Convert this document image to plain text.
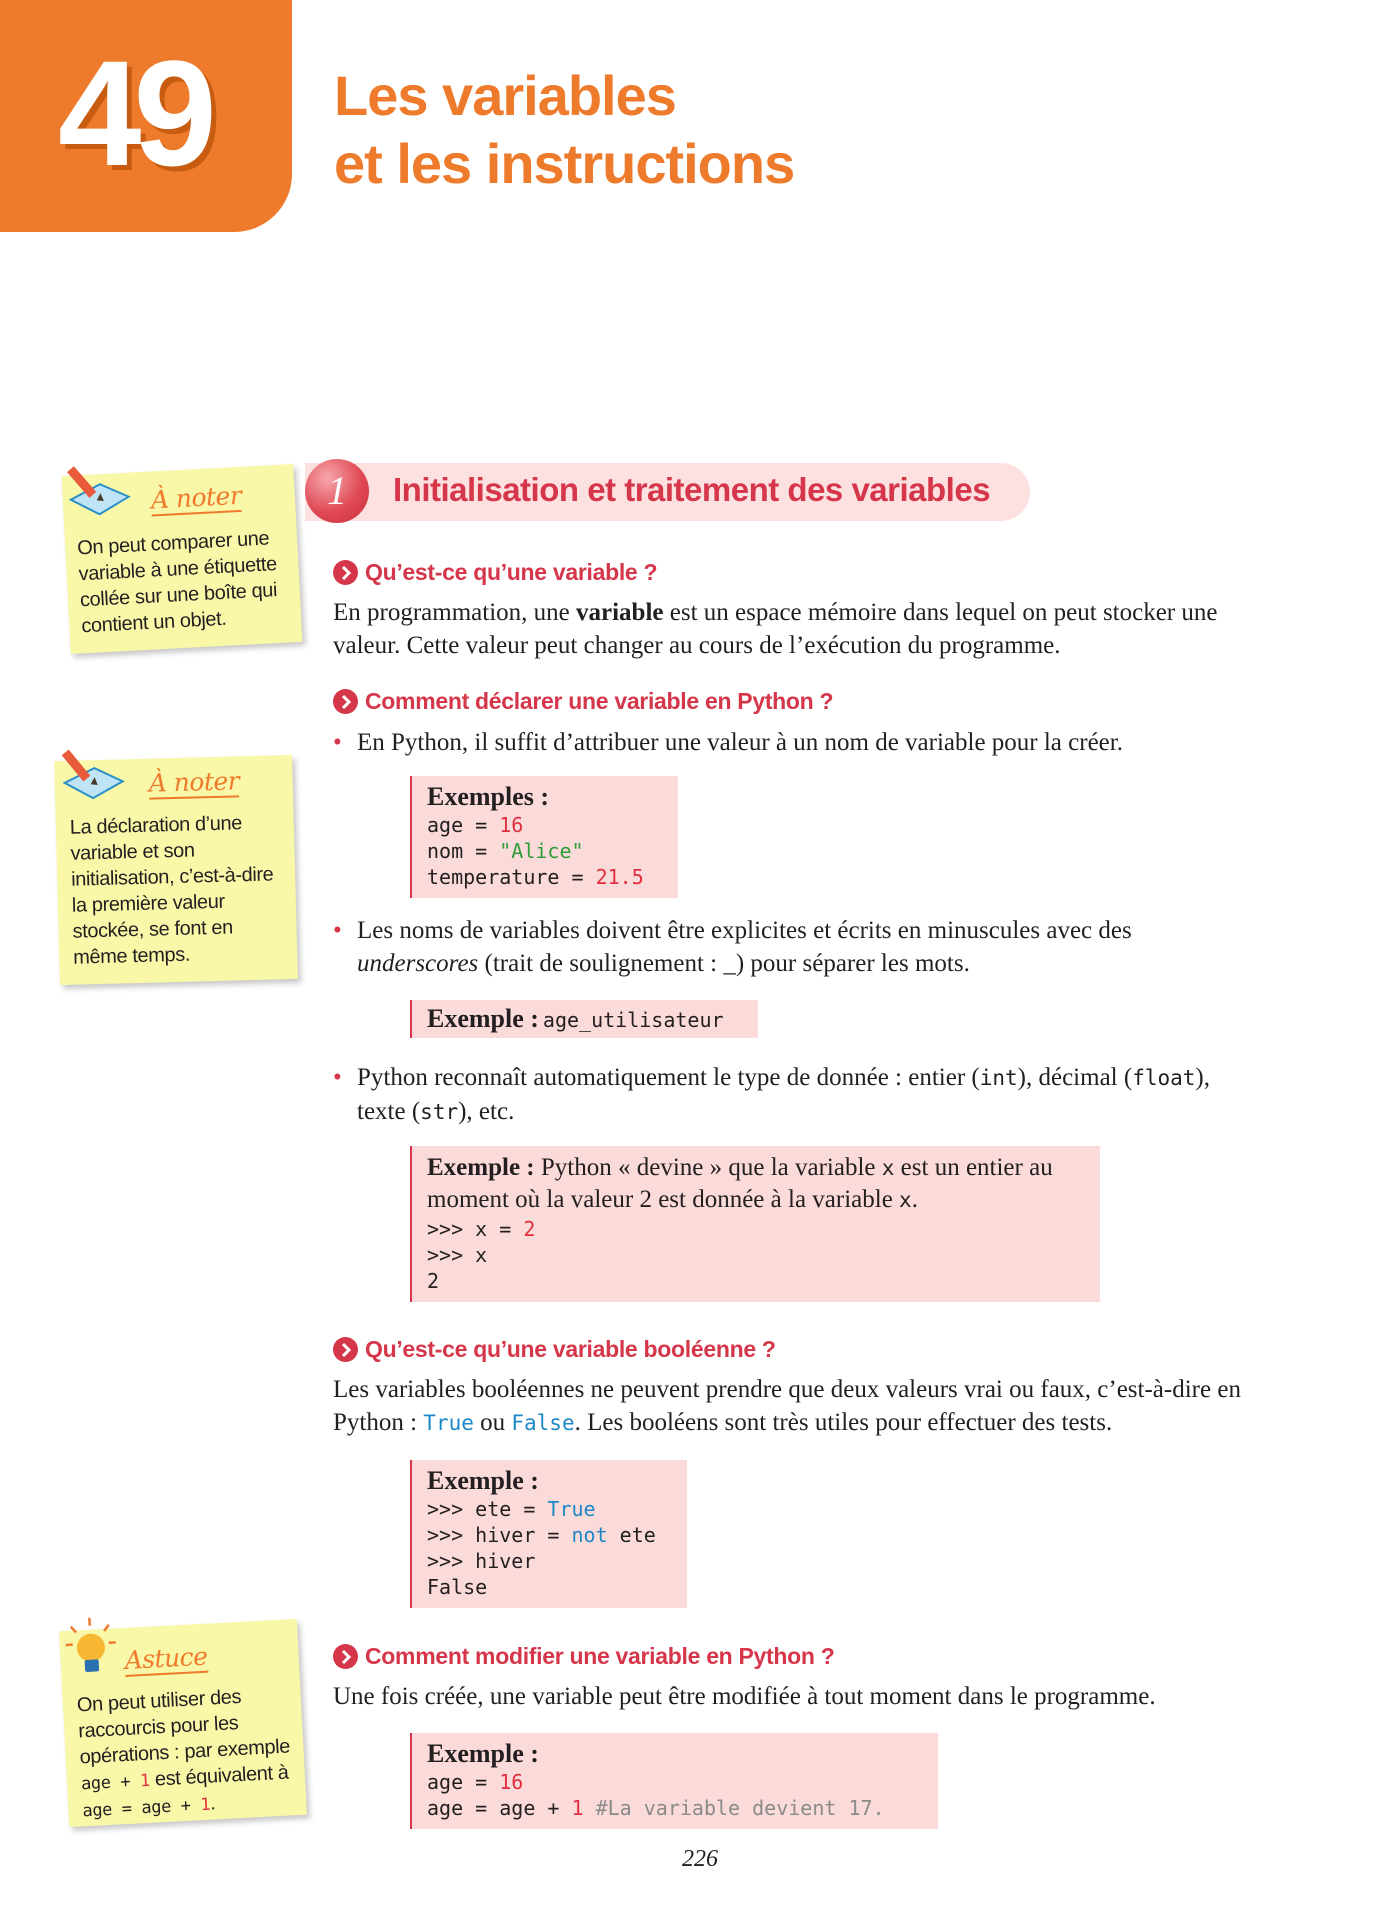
49 Les variables
et les instructions
1	Initialisation et traitement des variables
Qu’est-ce qu’une variable ?
En programmation, une variable est un espace mémoire dans lequel on peut stocker une valeur. Cette valeur peut changer au cours de l’exécution du programme.
Comment déclarer une variable en Python ?
• En Python, il suffit d’attribuer une valeur à un nom de variable pour la créer.
Exemples :
age = 16
nom = "Alice"
temperature = 21.5
• Les noms de variables doivent être explicites et écrits en minuscules avec des underscores (trait de soulignement : _) pour séparer les mots.
Exemple : age_utilisateur
• Python reconnaît automatiquement le type de donnée : entier (int), décimal (float), texte (str), etc.
Exemple : Python « devine » que la variable x est un entier au moment où la valeur 2 est donnée à la variable x.
>>> x = 2
>>> x
2
Qu’est-ce qu’une variable booléenne ?
Les variables booléennes ne peuvent prendre que deux valeurs vrai ou faux, c’est-à-dire en Python : True ou False. Les booléens sont très utiles pour effectuer des tests.
Exemple :
>>> ete = True
>>> hiver = not ete
>>> hiver
False
Comment modifier une variable en Python ?
Une fois créée, une variable peut être modifiée à tout moment dans le programme.
Exemple :
age = 16
age = age + 1 #La variable devient 17.
À noter
On peut comparer une variable à une étiquette collée sur une boîte qui contient un objet.
À noter
La déclaration d’une variable et son initialisation, c’est-à-dire la première valeur stockée, se font en même temps.
Astuce
On peut utiliser des raccourcis pour les opérations : par exemple age + 1 est équivalent à age = age + 1.
226
